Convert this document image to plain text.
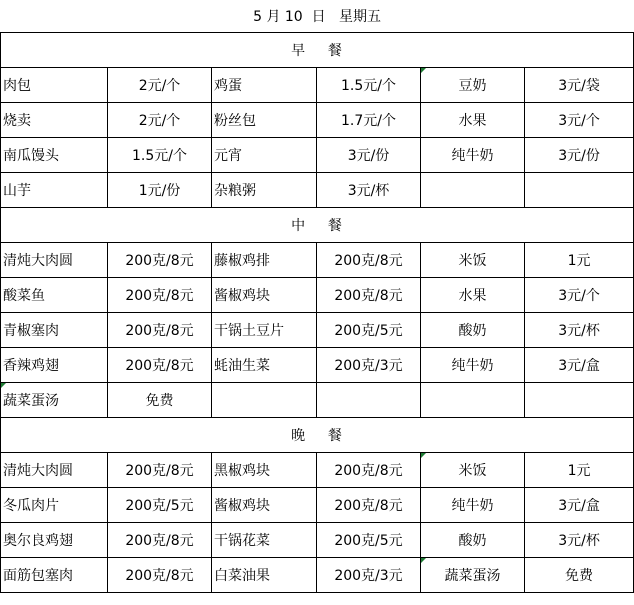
5 月 10  日   星期五					
早    餐					
肉包	2元/个	鸡蛋	1.5元/个	豆奶	3元/袋
烧卖	2元/个	粉丝包	1.7元/个	水果	3元/个
南瓜馒头	1.5元/个	元宵	3元/份	纯牛奶	3元/份
山芋	1元/份	杂粮粥	3元/杯		
中    餐					
清炖大肉圆	200克/8元	藤椒鸡排	200克/8元	米饭	1元
酸菜鱼	200克/8元	酱椒鸡块	200克/8元	水果	3元/个
青椒塞肉	200克/8元	干锅土豆片	200克/5元	酸奶	3元/杯
香辣鸡翅	200克/8元	蚝油生菜	200克/3元	纯牛奶	3元/盒
蔬菜蛋汤	免费				
晚    餐					
清炖大肉圆	200克/8元	黑椒鸡块	200克/8元	米饭	1元
冬瓜肉片	200克/5元	酱椒鸡块	200克/8元	纯牛奶	3元/盒
奥尔良鸡翅	200克/8元	干锅花菜	200克/5元	酸奶	3元/杯
面筋包塞肉	200克/8元	白菜油果	200克/3元	蔬菜蛋汤	免费
